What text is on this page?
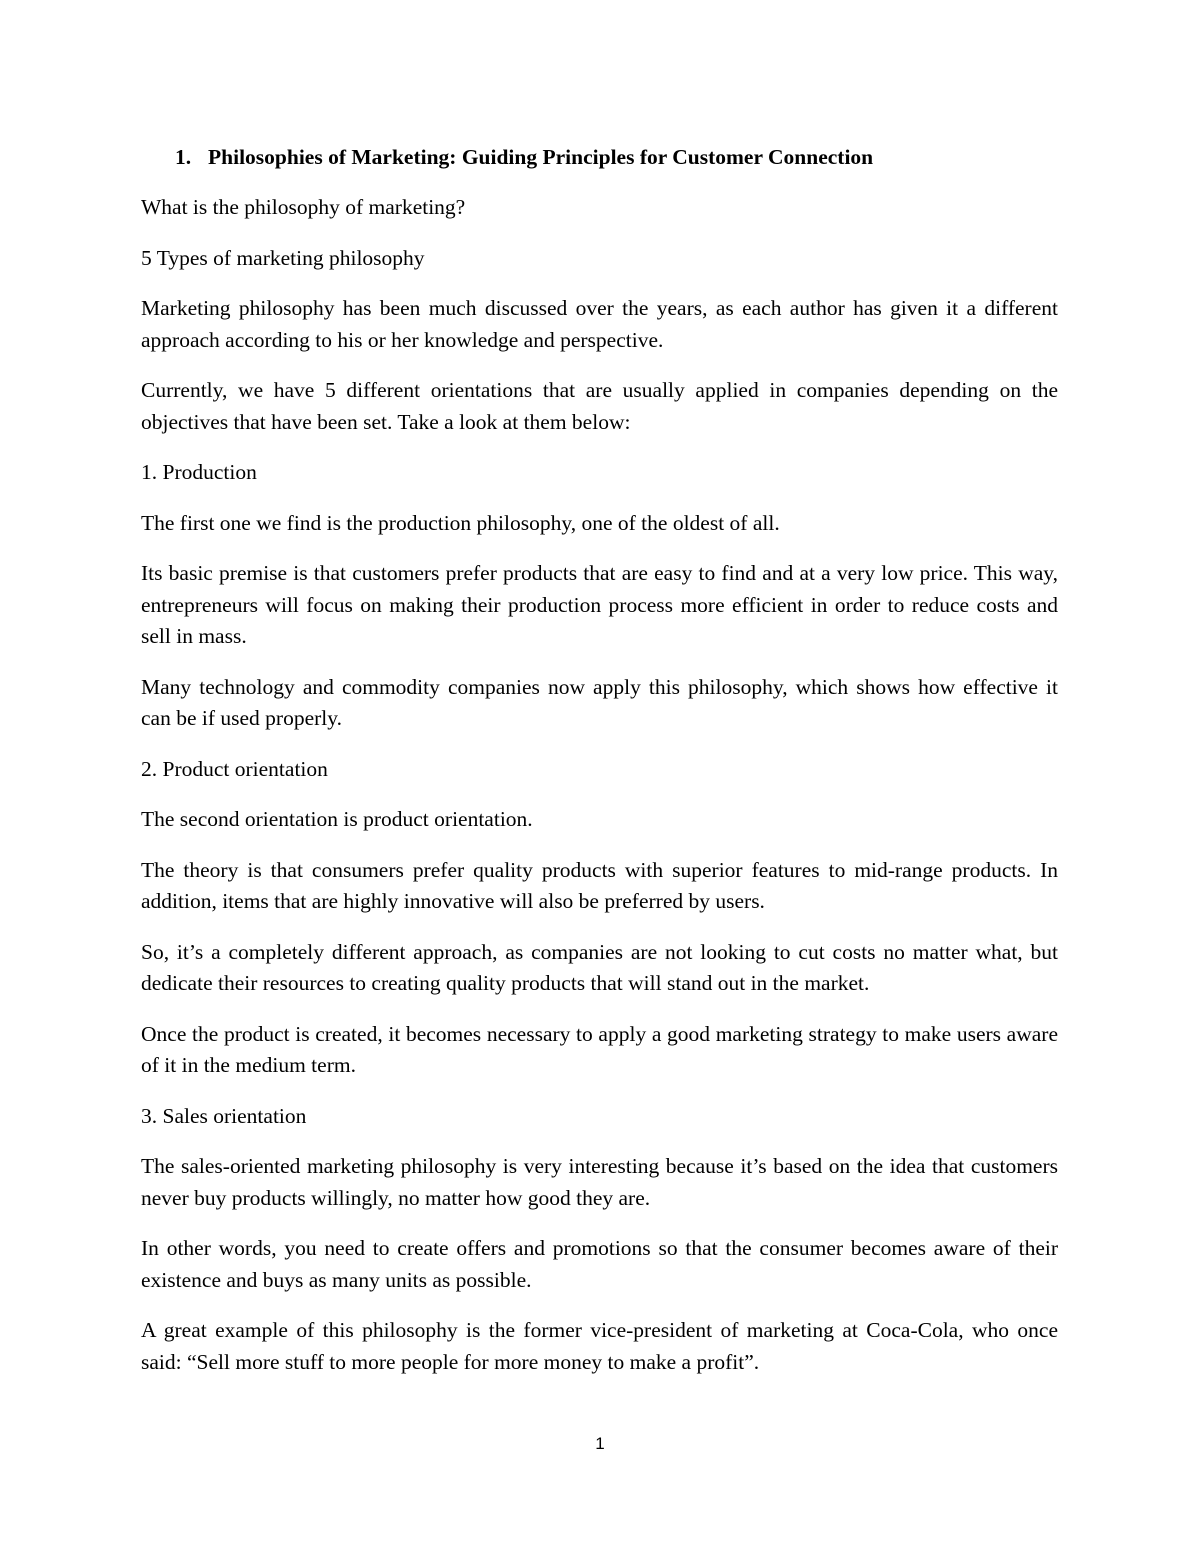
1. Philosophies of Marketing: Guiding Principles for Customer Connection

What is the philosophy of marketing?

5 Types of marketing philosophy

Marketing philosophy has been much discussed over the years, as each author has given it a different approach according to his or her knowledge and perspective.

Currently, we have 5 different orientations that are usually applied in companies depending on the objectives that have been set. Take a look at them below:

1. Production

The first one we find is the production philosophy, one of the oldest of all.

Its basic premise is that customers prefer products that are easy to find and at a very low price. This way, entrepreneurs will focus on making their production process more efficient in order to reduce costs and sell in mass.

Many technology and commodity companies now apply this philosophy, which shows how effective it can be if used properly.

2. Product orientation

The second orientation is product orientation.

The theory is that consumers prefer quality products with superior features to mid-range products. In addition, items that are highly innovative will also be preferred by users.

So, it’s a completely different approach, as companies are not looking to cut costs no matter what, but dedicate their resources to creating quality products that will stand out in the market.

Once the product is created, it becomes necessary to apply a good marketing strategy to make users aware of it in the medium term.

3. Sales orientation

The sales-oriented marketing philosophy is very interesting because it’s based on the idea that customers never buy products willingly, no matter how good they are.

In other words, you need to create offers and promotions so that the consumer becomes aware of their existence and buys as many units as possible.

A great example of this philosophy is the former vice-president of marketing at Coca-Cola, who once said: “Sell more stuff to more people for more money to make a profit”.

1
